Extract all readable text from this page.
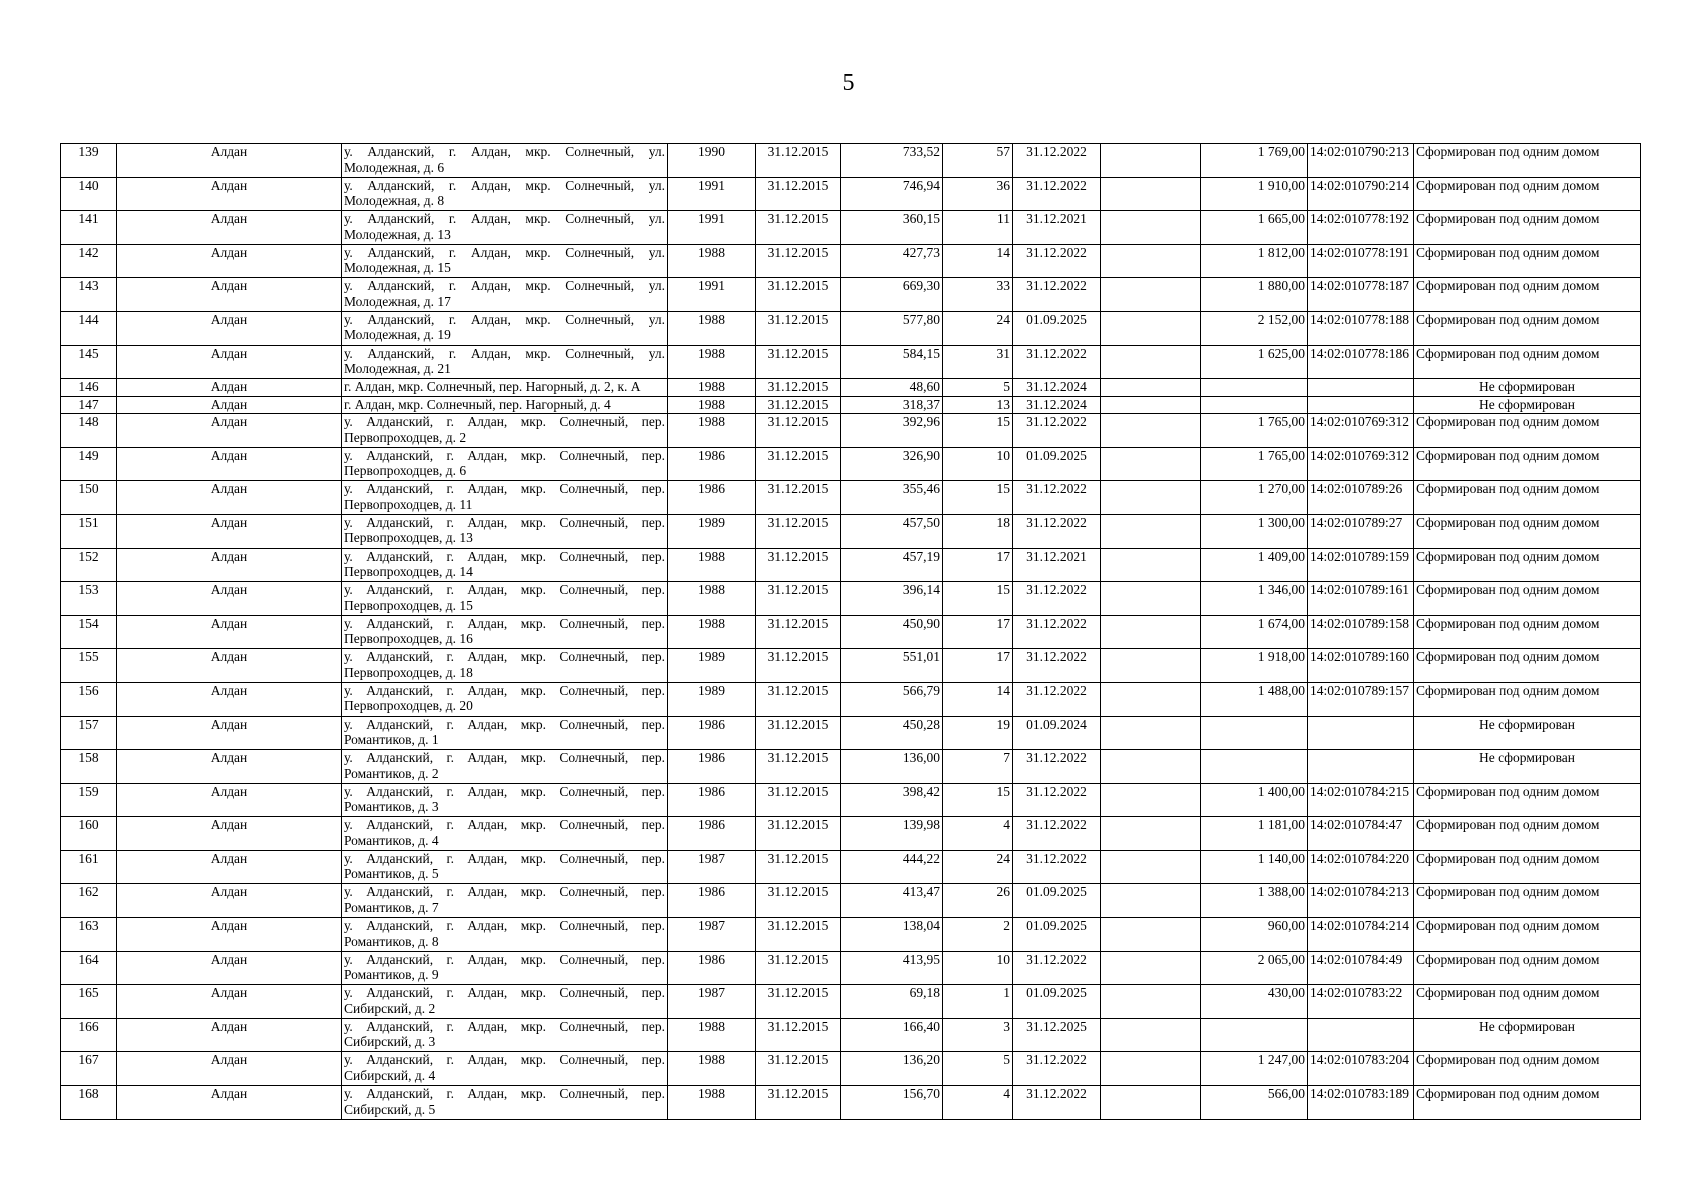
5
139	Алдан	у. Алданский, г. Алдан, мкр. Солнечный, ул.
Молодежная, д. 6	1990	31.12.2015	733,52	57	31.12.2022		1 769,00	14:02:010790:213	Сформирован под одним домом
140	Алдан	у. Алданский, г. Алдан, мкр. Солнечный, ул.
Молодежная, д. 8	1991	31.12.2015	746,94	36	31.12.2022		1 910,00	14:02:010790:214	Сформирован под одним домом
141	Алдан	у. Алданский, г. Алдан, мкр. Солнечный, ул.
Молодежная, д. 13	1991	31.12.2015	360,15	11	31.12.2021		1 665,00	14:02:010778:192	Сформирован под одним домом
142	Алдан	у. Алданский, г. Алдан, мкр. Солнечный, ул.
Молодежная, д. 15	1988	31.12.2015	427,73	14	31.12.2022		1 812,00	14:02:010778:191	Сформирован под одним домом
143	Алдан	у. Алданский, г. Алдан, мкр. Солнечный, ул.
Молодежная, д. 17	1991	31.12.2015	669,30	33	31.12.2022		1 880,00	14:02:010778:187	Сформирован под одним домом
144	Алдан	у. Алданский, г. Алдан, мкр. Солнечный, ул.
Молодежная, д. 19	1988	31.12.2015	577,80	24	01.09.2025		2 152,00	14:02:010778:188	Сформирован под одним домом
145	Алдан	у. Алданский, г. Алдан, мкр. Солнечный, ул.
Молодежная, д. 21	1988	31.12.2015	584,15	31	31.12.2022		1 625,00	14:02:010778:186	Сформирован под одним домом
146	Алдан	г. Алдан, мкр. Солнечный, пер. Нагорный, д. 2, к. А	1988	31.12.2015	48,60	5	31.12.2024				Не сформирован
147	Алдан	г. Алдан, мкр. Солнечный, пер. Нагорный, д. 4	1988	31.12.2015	318,37	13	31.12.2024				Не сформирован
148	Алдан	у. Алданский, г. Алдан, мкр. Солнечный, пер.
Первопроходцев, д. 2	1988	31.12.2015	392,96	15	31.12.2022		1 765,00	14:02:010769:312	Сформирован под одним домом
149	Алдан	у. Алданский, г. Алдан, мкр. Солнечный, пер.
Первопроходцев, д. 6	1986	31.12.2015	326,90	10	01.09.2025		1 765,00	14:02:010769:312	Сформирован под одним домом
150	Алдан	у. Алданский, г. Алдан, мкр. Солнечный, пер.
Первопроходцев, д. 11	1986	31.12.2015	355,46	15	31.12.2022		1 270,00	14:02:010789:26	Сформирован под одним домом
151	Алдан	у. Алданский, г. Алдан, мкр. Солнечный, пер.
Первопроходцев, д. 13	1989	31.12.2015	457,50	18	31.12.2022		1 300,00	14:02:010789:27	Сформирован под одним домом
152	Алдан	у. Алданский, г. Алдан, мкр. Солнечный, пер.
Первопроходцев, д. 14	1988	31.12.2015	457,19	17	31.12.2021		1 409,00	14:02:010789:159	Сформирован под одним домом
153	Алдан	у. Алданский, г. Алдан, мкр. Солнечный, пер.
Первопроходцев, д. 15	1988	31.12.2015	396,14	15	31.12.2022		1 346,00	14:02:010789:161	Сформирован под одним домом
154	Алдан	у. Алданский, г. Алдан, мкр. Солнечный, пер.
Первопроходцев, д. 16	1988	31.12.2015	450,90	17	31.12.2022		1 674,00	14:02:010789:158	Сформирован под одним домом
155	Алдан	у. Алданский, г. Алдан, мкр. Солнечный, пер.
Первопроходцев, д. 18	1989	31.12.2015	551,01	17	31.12.2022		1 918,00	14:02:010789:160	Сформирован под одним домом
156	Алдан	у. Алданский, г. Алдан, мкр. Солнечный, пер.
Первопроходцев, д. 20	1989	31.12.2015	566,79	14	31.12.2022		1 488,00	14:02:010789:157	Сформирован под одним домом
157	Алдан	у. Алданский, г. Алдан, мкр. Солнечный, пер.
Романтиков, д. 1	1986	31.12.2015	450,28	19	01.09.2024				Не сформирован
158	Алдан	у. Алданский, г. Алдан, мкр. Солнечный, пер.
Романтиков, д. 2	1986	31.12.2015	136,00	7	31.12.2022				Не сформирован
159	Алдан	у. Алданский, г. Алдан, мкр. Солнечный, пер.
Романтиков, д. 3	1986	31.12.2015	398,42	15	31.12.2022		1 400,00	14:02:010784:215	Сформирован под одним домом
160	Алдан	у. Алданский, г. Алдан, мкр. Солнечный, пер.
Романтиков, д. 4	1986	31.12.2015	139,98	4	31.12.2022		1 181,00	14:02:010784:47	Сформирован под одним домом
161	Алдан	у. Алданский, г. Алдан, мкр. Солнечный, пер.
Романтиков, д. 5	1987	31.12.2015	444,22	24	31.12.2022		1 140,00	14:02:010784:220	Сформирован под одним домом
162	Алдан	у. Алданский, г. Алдан, мкр. Солнечный, пер.
Романтиков, д. 7	1986	31.12.2015	413,47	26	01.09.2025		1 388,00	14:02:010784:213	Сформирован под одним домом
163	Алдан	у. Алданский, г. Алдан, мкр. Солнечный, пер.
Романтиков, д. 8	1987	31.12.2015	138,04	2	01.09.2025		960,00	14:02:010784:214	Сформирован под одним домом
164	Алдан	у. Алданский, г. Алдан, мкр. Солнечный, пер.
Романтиков, д. 9	1986	31.12.2015	413,95	10	31.12.2022		2 065,00	14:02:010784:49	Сформирован под одним домом
165	Алдан	у. Алданский, г. Алдан, мкр. Солнечный, пер.
Сибирский, д. 2	1987	31.12.2015	69,18	1	01.09.2025		430,00	14:02:010783:22	Сформирован под одним домом
166	Алдан	у. Алданский, г. Алдан, мкр. Солнечный, пер.
Сибирский, д. 3	1988	31.12.2015	166,40	3	31.12.2025				Не сформирован
167	Алдан	у. Алданский, г. Алдан, мкр. Солнечный, пер.
Сибирский, д. 4	1988	31.12.2015	136,20	5	31.12.2022		1 247,00	14:02:010783:204	Сформирован под одним домом
168	Алдан	у. Алданский, г. Алдан, мкр. Солнечный, пер.
Сибирский, д. 5	1988	31.12.2015	156,70	4	31.12.2022		566,00	14:02:010783:189	Сформирован под одним домом
